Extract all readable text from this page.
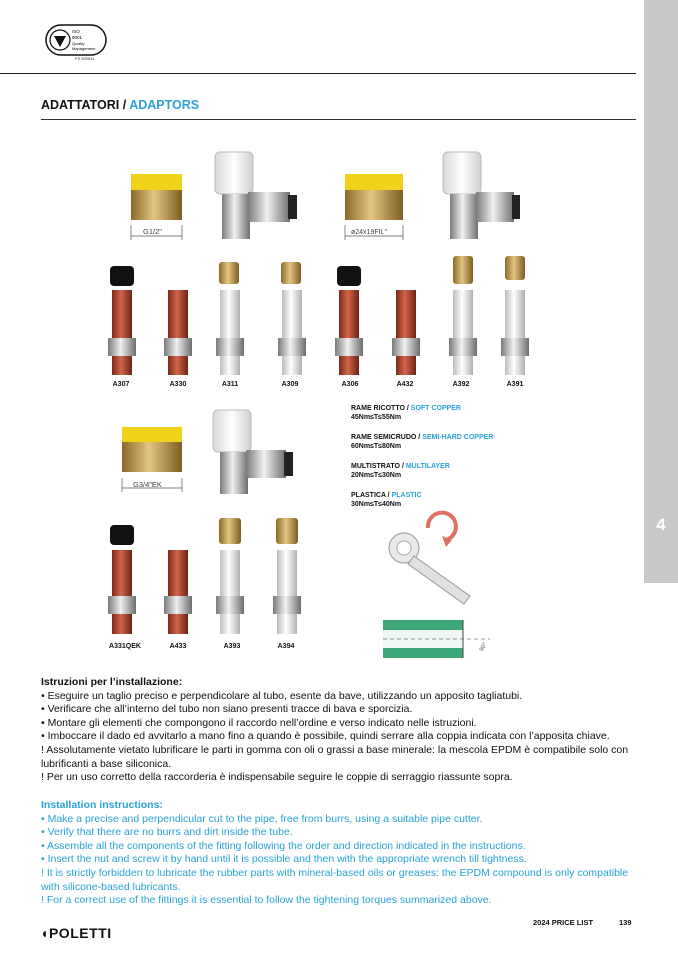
4
ISO
9001
Quality
Management
FS 559631
ADATTATORI / ADAPTORS
G1/2"	ø24x19FIL"
G3/4"EK
90°
A307	A330	A311	A309	A306	A432	A392	A391
A331QEK	A433	A393	A394
RAME RICOTTO / SOFT COPPER
45Nm≤T≤55Nm
RAME SEMICRUDO / SEMI-HARD COPPER
60Nm≤T≤80Nm
MULTISTRATO / MULTILAYER
20Nm≤T≤30Nm
PLASTICA / PLASTIC
30Nm≤T≤40Nm
Istruzioni per l’installazione:
• Eseguire un taglio preciso e perpendicolare al tubo, esente da bave, utilizzando un apposito tagliatubi.
• Verificare che all’interno del tubo non siano presenti tracce di bava e sporcizia.
• Montare gli elementi che compongono il raccordo nell’ordine e verso indicato nelle istruzioni.
• Imboccare il dado ed avvitarlo a mano fino a quando è possibile, quindi serrare alla coppia indicata con l’apposita chiave.
! Assolutamente vietato lubrificare le parti in gomma con oli o grassi a base minerale: la mescola EPDM è compatibile solo con lubrificanti a base siliconica.
! Per un uso corretto della raccorderia è indispensabile seguire le coppie di serraggio riassunte sopra.
Installation instructions:
• Make a precise and perpendicular cut to the pipe, free from burrs, using a suitable pipe cutter.
• Verify that there are no burrs and dirt inside the tube.
• Assemble all the components of the fitting following the order and direction indicated in the instructions.
• Insert the nut and screw it by hand until it is possible and then with the appropriate wrench till tightness.
! It is strictly forbidden to lubricate the rubber parts with mineral-based oils or greases: the EPDM compound is only compatible with silicone-based lubricants.
! For a correct use of the fittings it is essential to follow the tightening torques summarized above.
◖POLETTI
2024 PRICE LIST	139
